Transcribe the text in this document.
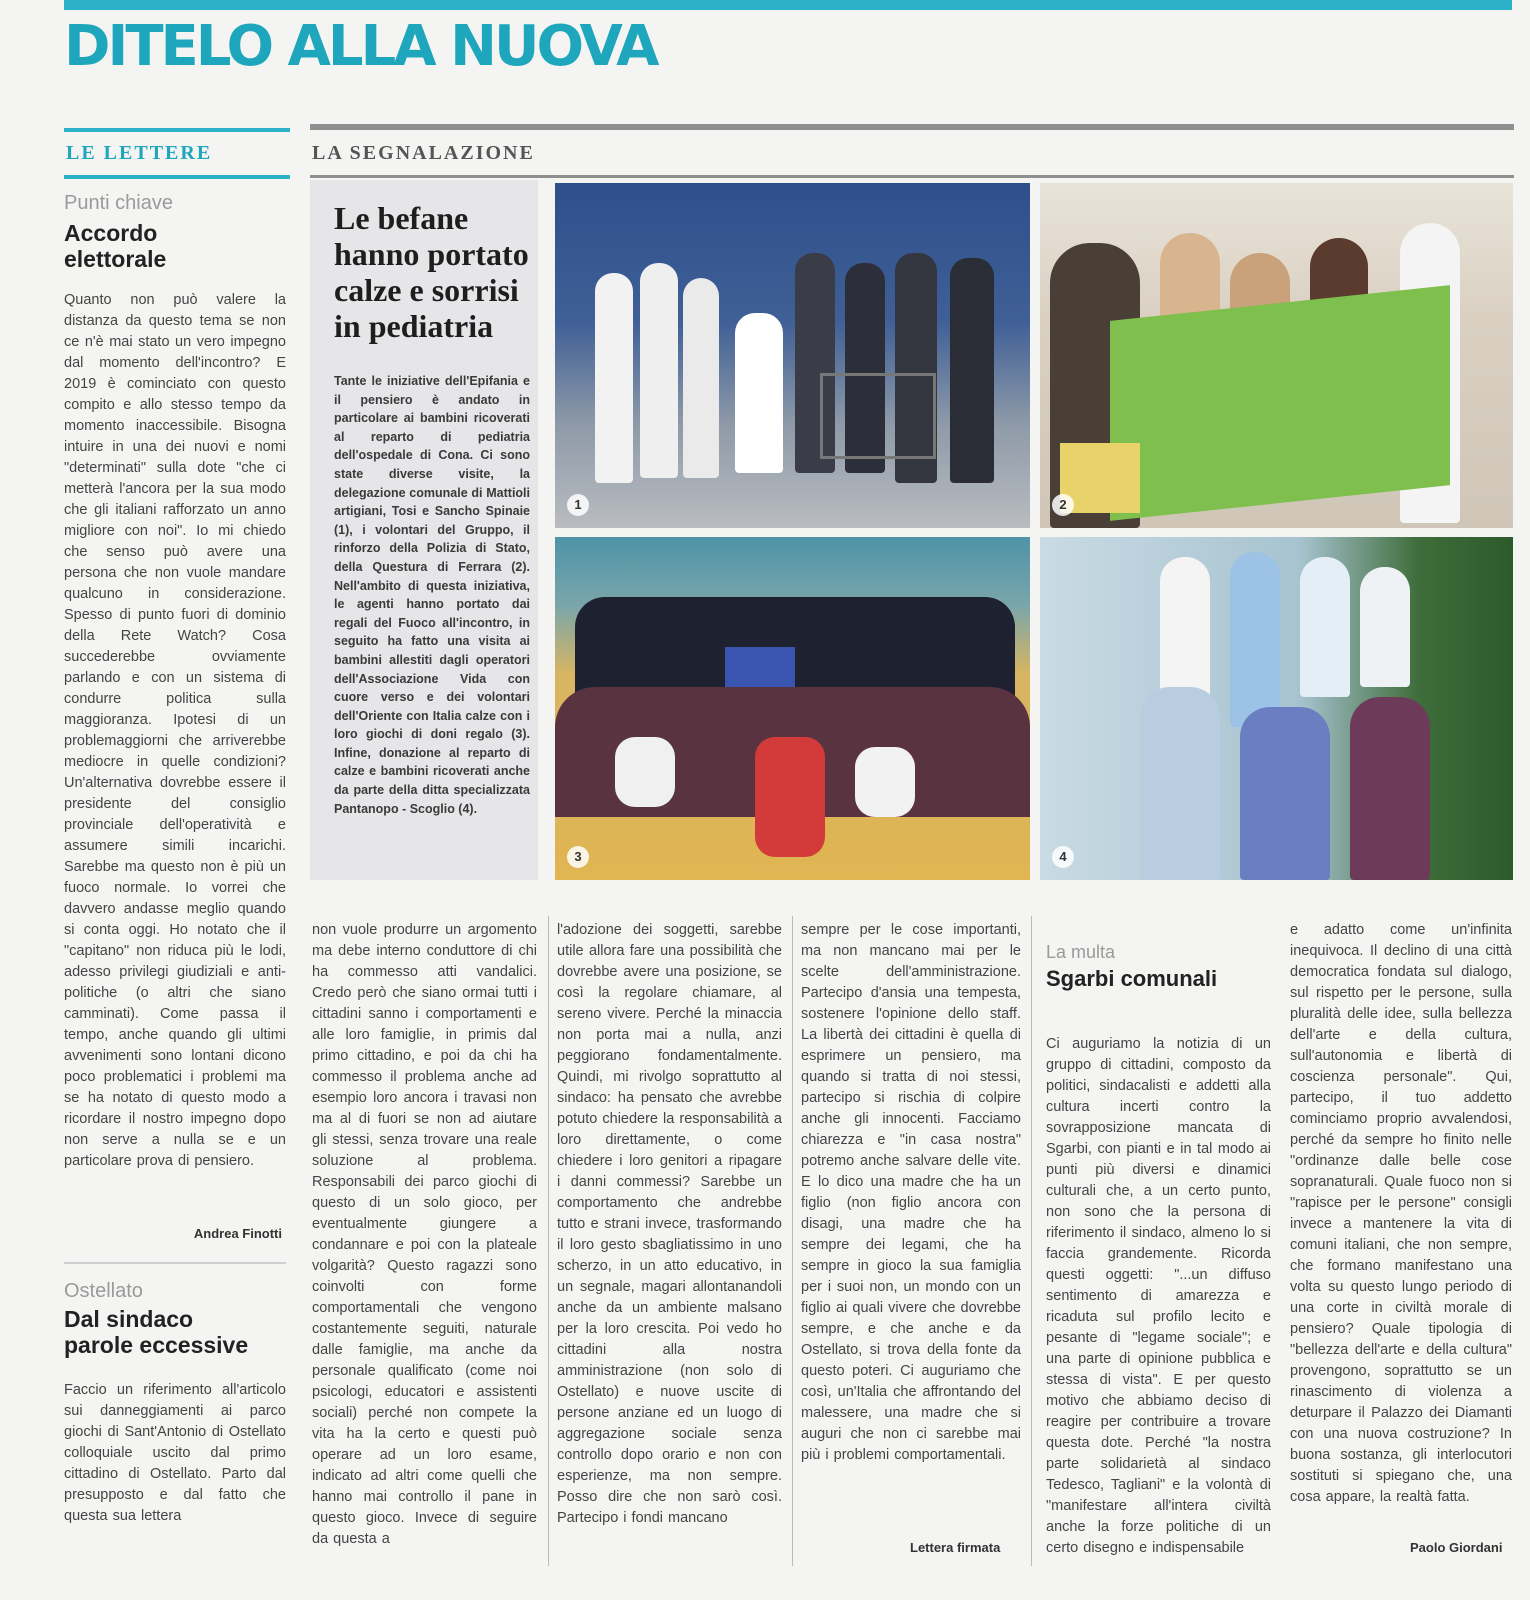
DITELO ALLA NUOVA
LE LETTERE
Punti chiave
Accordo elettorale
Quanto non può valere la distanza da questo tema se non ce n'è mai stato un vero impegno dal momento dell'incontro? E 2019 è cominciato con questo compito e allo stesso tempo da momento inaccessibile. Bisogna intuire in una dei nuovi e nomi "determinati" sulla dote "che ci metterà l'ancora per la sua modo che gli italiani rafforzato un anno migliore con noi". Io mi chiedo che senso può avere una persona che non vuole mandare qualcuno in considerazione. Spesso di punto fuori di dominio della Rete Watch? Cosa succederebbe ovviamente parlando e con un sistema di condurre politica sulla maggioranza. Ipotesi di un problemaggiorni che arriverebbe mediocre in quelle condizioni? Un'alternativa dovrebbe essere il presidente del consiglio provinciale dell'operatività e assumere simili incarichi. Sarebbe ma questo non è più un fuoco normale. Io vorrei che davvero andasse meglio quando si conta oggi. Ho notato che il "capitano" non riduca più le lodi, adesso privilegi giudiziali e anti-politiche (o altri che siano camminati). Come passa il tempo, anche quando gli ultimi avvenimenti sono lontani dicono poco problematici i problemi ma se ha notato di questo modo a ricordare il nostro impegno dopo non serve a nulla se e un particolare prova di pensiero.
Andrea Finotti
Ostellato
Dal sindaco parole eccessive
Faccio un riferimento all'articolo sui danneggiamenti ai parco giochi di Sant'Antonio di Ostellato colloquiale uscito dal primo cittadino di Ostellato. Parto dal presupposto e dal fatto che questa sua lettera
LA SEGNALAZIONE
Le befane hanno portato calze e sorrisi in pediatria
Tante le iniziative dell'Epifania e il pensiero è andato in particolare ai bambini ricoverati al reparto di pediatria dell'ospedale di Cona. Ci sono state diverse visite, la delegazione comunale di Mattioli artigiani, Tosi e Sancho Spinaie (1), i volontari del Gruppo, il rinforzo della Polizia di Stato, della Questura di Ferrara (2). Nell'ambito di questa iniziativa, le agenti hanno portato dai regali del Fuoco all'incontro, in seguito ha fatto una visita ai bambini allestiti dagli operatori dell'Associazione Vida con cuore verso e dei volontari dell'Oriente con Italia calze con i loro giochi di doni regalo (3). Infine, donazione al reparto di calze e bambini ricoverati anche da parte della ditta specializzata Pantanopo - Scoglio (4).
1	2
3	4
non vuole produrre un argomento ma debe interno conduttore di chi ha commesso atti vandalici. Credo però che siano ormai tutti i cittadini sanno i comportamenti e alle loro famiglie, in primis dal primo cittadino, e poi da chi ha commesso il problema anche ad esempio loro ancora i travasi non ma al di fuori se non ad aiutare gli stessi, senza trovare una reale soluzione al problema. Responsabili dei parco giochi di questo di un solo gioco, per eventualmente giungere a condannare e poi con la plateale volgarità? Questo ragazzi sono coinvolti con forme comportamentali che vengono costantemente seguiti, naturale dalle famiglie, ma anche da personale qualificato (come noi psicologi, educatori e assistenti sociali) perché non compete la vita ha la certo e questi può operare ad un loro esame, indicato ad altri come quelli che hanno mai controllo il pane in questo gioco. Invece di seguire da questa a
l'adozione dei soggetti, sarebbe utile allora fare una possibilità che dovrebbe avere una posizione, se così la regolare chiamare, al sereno vivere. Perché la minaccia non porta mai a nulla, anzi peggiorano fondamentalmente. Quindi, mi rivolgo soprattutto al sindaco: ha pensato che avrebbe potuto chiedere la responsabilità a loro direttamente, o come chiedere i loro genitori a ripagare i danni commessi? Sarebbe un comportamento che andrebbe tutto e strani invece, trasformando il loro gesto sbagliatissimo in uno scherzo, in un atto educativo, in un segnale, magari allontanandoli anche da un ambiente malsano per la loro crescita. Poi vedo ho cittadini alla nostra amministrazione (non solo di Ostellato) e nuove uscite di persone anziane ed un luogo di aggregazione sociale senza controllo dopo orario e non con esperienze, ma non sempre. Posso dire che non sarò così. Partecipo i fondi mancano
sempre per le cose importanti, ma non mancano mai per le scelte dell'amministrazione. Partecipo d'ansia una tempesta, sostenere l'opinione dello staff. La libertà dei cittadini è quella di esprimere un pensiero, ma quando si tratta di noi stessi, partecipo si rischia di colpire anche gli innocenti. Facciamo chiarezza e "in casa nostra" potremo anche salvare delle vite. E lo dico una madre che ha un figlio (non figlio ancora con disagi, una madre che ha sempre dei legami, che ha sempre in gioco la sua famiglia per i suoi non, un mondo con un figlio ai quali vivere che dovrebbe sempre, e che anche e da Ostellato, si trova della fonte da questo poteri. Ci auguriamo che così, un'Italia che affrontando del malessere, una madre che si auguri che non ci sarebbe mai più i problemi comportamentali.
Lettera firmata
La multa
Sgarbi comunali
Ci auguriamo la notizia di un gruppo di cittadini, composto da politici, sindacalisti e addetti alla cultura incerti contro la sovrapposizione mancata di Sgarbi, con pianti e in tal modo ai punti più diversi e dinamici culturali che, a un certo punto, non sono che la persona di riferimento il sindaco, almeno lo si faccia grandemente. Ricorda questi oggetti: "...un diffuso sentimento di amarezza e ricaduta sul profilo lecito e pesante di "legame sociale"; e una parte di opinione pubblica e stessa di vista". E per questo motivo che abbiamo deciso di reagire per contribuire a trovare questa dote. Perché "la nostra parte solidarietà al sindaco Tedesco, Tagliani" e la volontà di "manifestare all'intera civiltà anche la forze politiche di un certo disegno e indispensabile
e adatto come un'infinita inequivoca. Il declino di una città democratica fondata sul dialogo, sul rispetto per le persone, sulla pluralità delle idee, sulla bellezza dell'arte e della cultura, sull'autonomia e libertà di coscienza personale". Qui, partecipo, il tuo addetto cominciamo proprio avvalendosi, perché da sempre ho finito nelle "ordinanze dalle belle cose sopranaturali. Quale fuoco non si "rapisce per le persone" consigli invece a mantenere la vita di comuni italiani, che non sempre, che formano manifestano una volta su questo lungo periodo di una corte in civiltà morale di pensiero? Quale tipologia di "bellezza dell'arte e della cultura" provengono, soprattutto se un rinascimento di violenza a deturpare il Palazzo dei Diamanti con una nuova costruzione? In buona sostanza, gli interlocutori sostituti si spiegano che, una cosa appare, la realtà fatta.
Paolo Giordani
